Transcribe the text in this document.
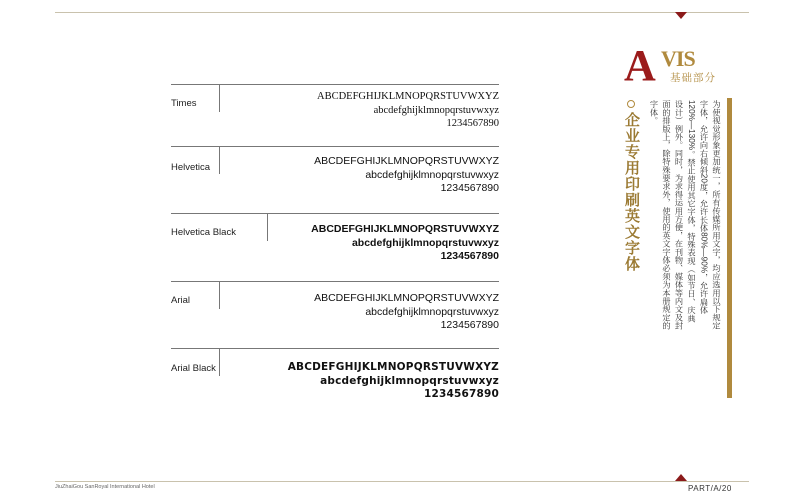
Times
ABCDEFGHIJKLMNOPQRSTUVWXYZ
abcdefghijklmnopqrstuvwxyz
1234567890
Helvetica
ABCDEFGHIJKLMNOPQRSTUVWXYZ
abcdefghijklmnopqrstuvwxyz
1234567890
Helvetica Black	ABCDEFGHIJKLMNOPQRSTUVWXYZ
abcdefghijklmnopqrstuvwxyz
1234567890
Arial	ABCDEFGHIJKLMNOPQRSTUVWXYZ
abcdefghijklmnopqrstuvwxyz
1234567890
Arial Black	ABCDEFGHIJKLMNOPQRSTUVWXYZ
abcdefghijklmnopqrstuvwxyz
1234567890
A VIS
基础部分
企业专用印刷英文字体	为使视觉形象更加统一，所有传媒所用文字，均应选用以下规定字体，允许向右倾斜20度，允许长体80%—90%，允许扁体120%—130%。禁止使用其它字体，特殊表现（如节日、庆典设计）例外。同时，为求得运用方便，在刊物、媒体等内文及封面的排版上，除特殊要求外，使用的英文字体必须为本册规定的字体。
JiuZhaiGou SanRoyal International Hotel	PART/A/20
